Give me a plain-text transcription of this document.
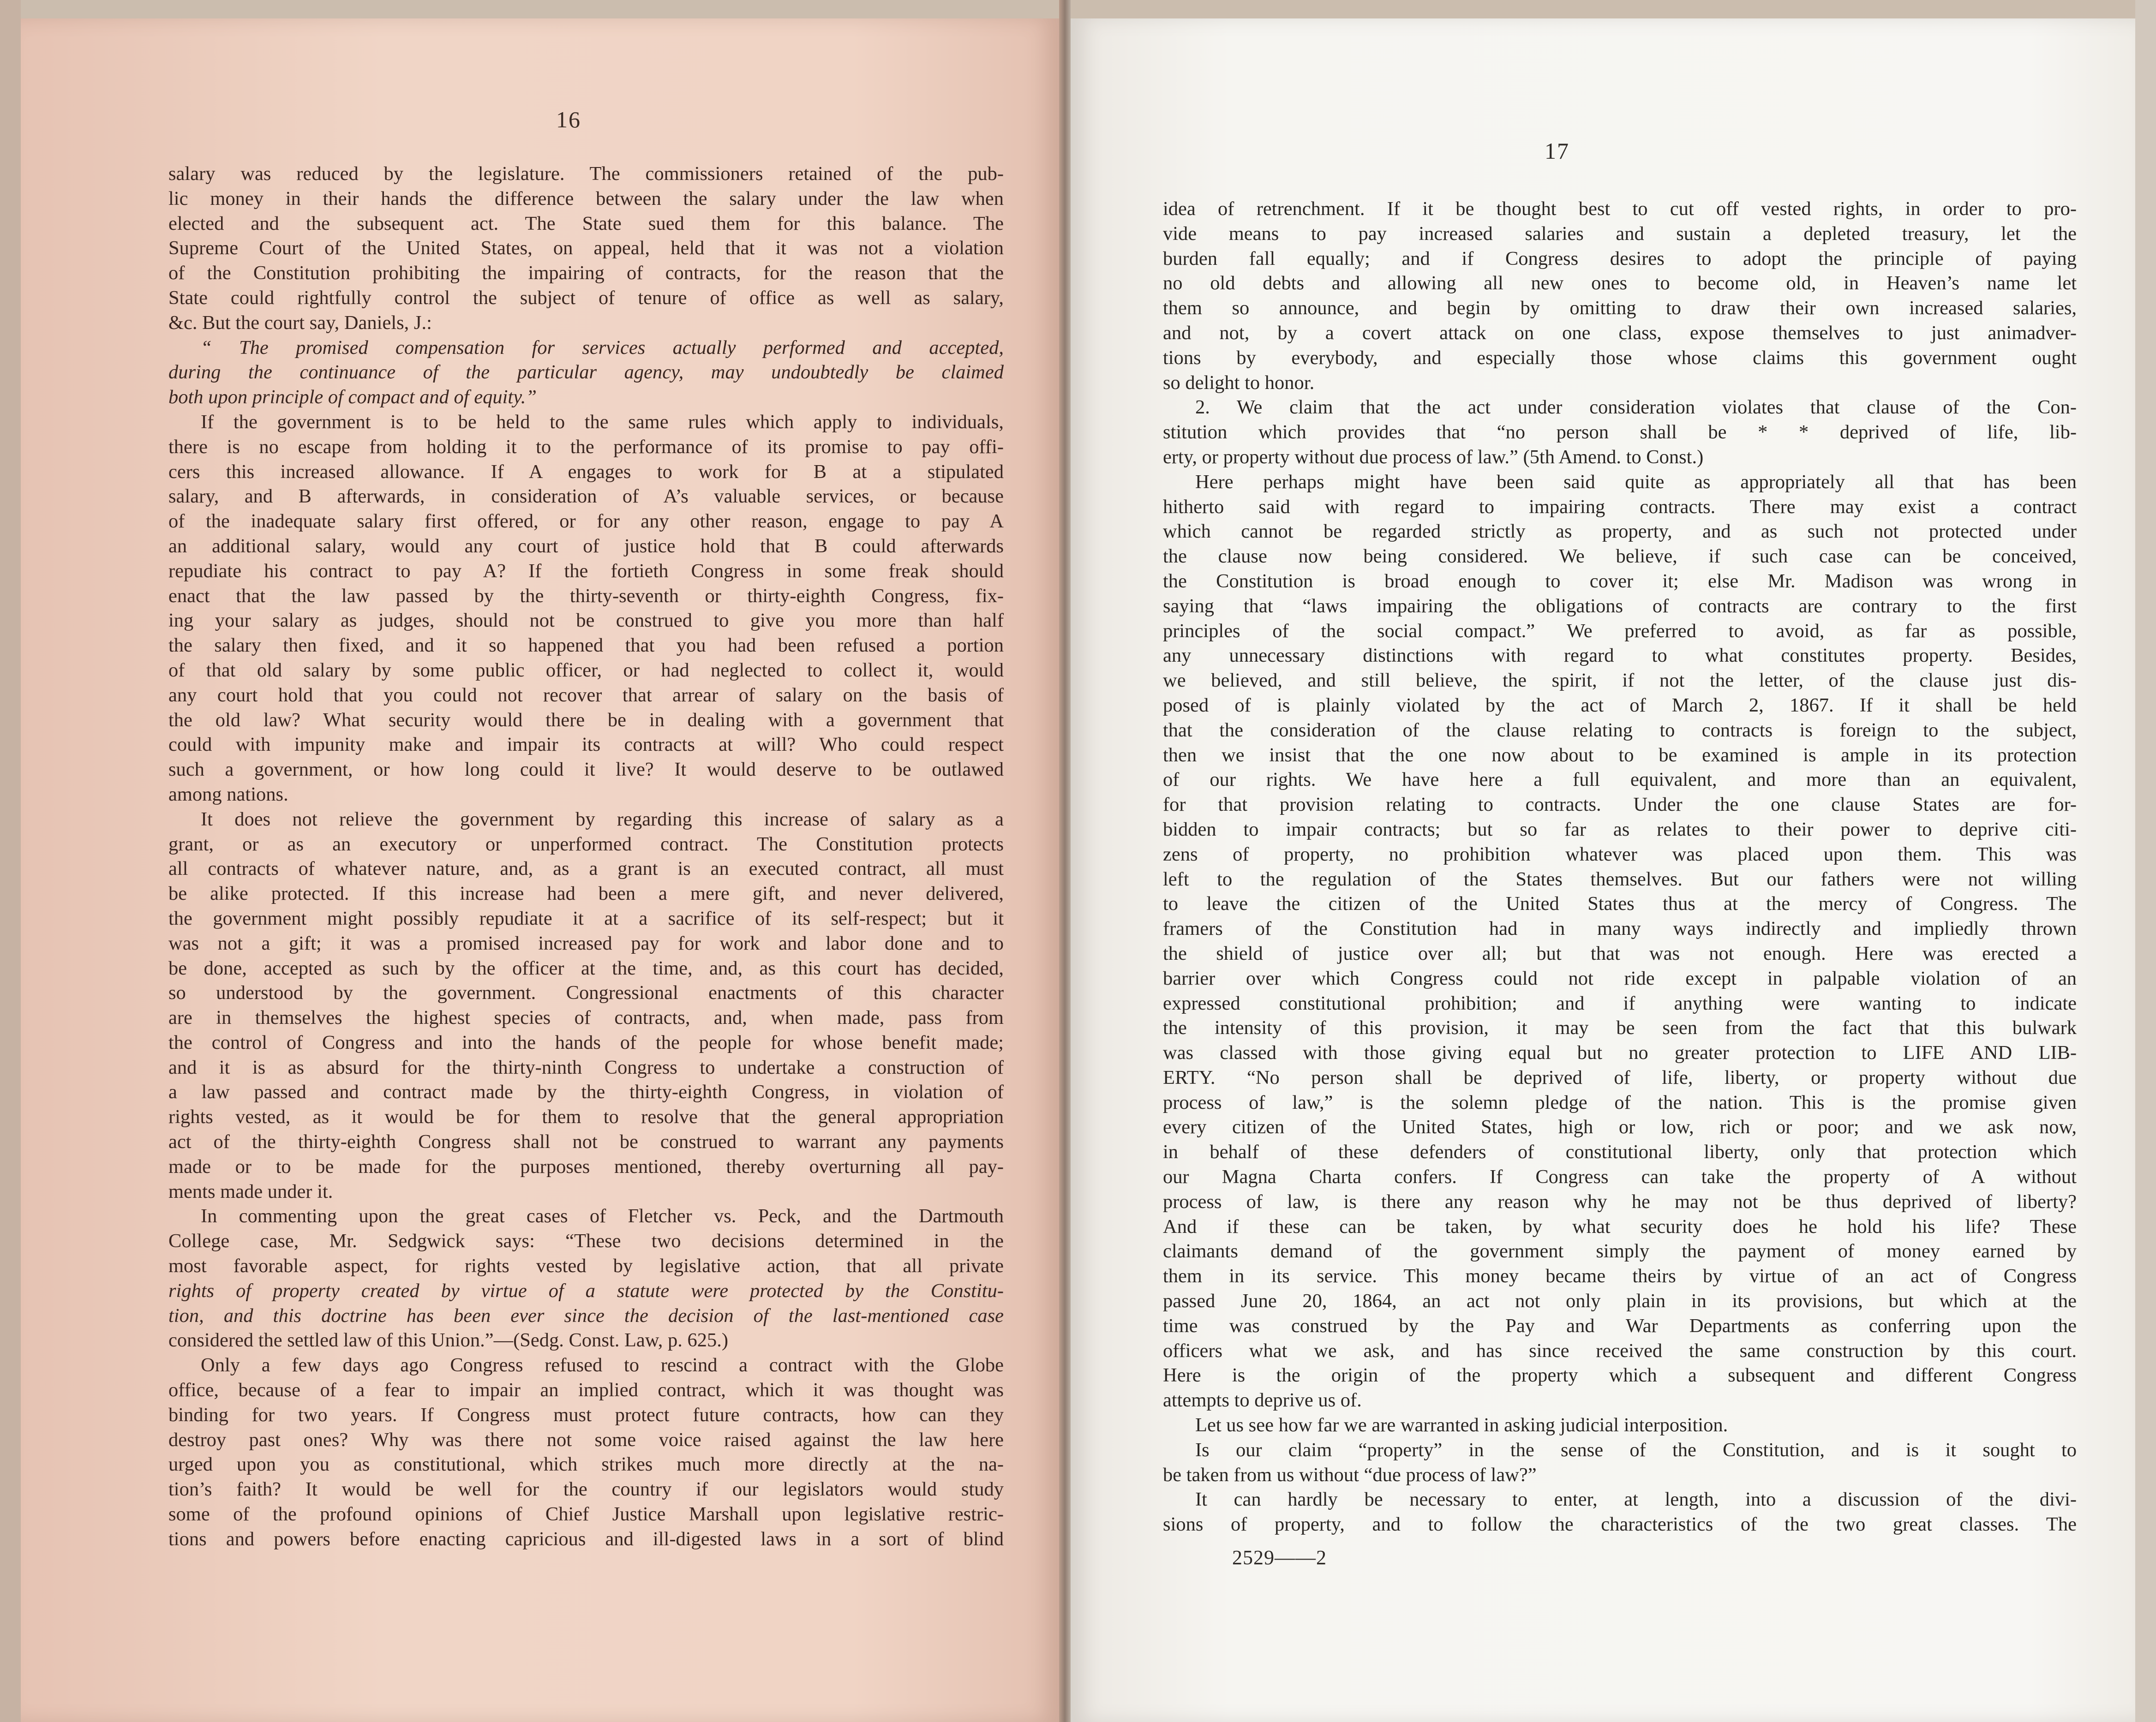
16
salary was reduced by the legislature. The commissioners retained of the pub-
lic money in their hands the difference between the salary under the law when
elected and the subsequent act. The State sued them for this balance. The
Supreme Court of the United States, on appeal, held that it was not a violation
of the Constitution prohibiting the impairing of contracts, for the reason that the
State could rightfully control the subject of tenure of office as well as salary,
&c. But the court say, Daniels, J.:
“ The promised compensation for services actually performed and accepted,
during the continuance of the particular agency, may undoubtedly be claimed
both upon principle of compact and of equity.”
If the government is to be held to the same rules which apply to individuals,
there is no escape from holding it to the performance of its promise to pay offi-
cers this increased allowance. If A engages to work for B at a stipulated
salary, and B afterwards, in consideration of A’s valuable services, or because
of the inadequate salary first offered, or for any other reason, engage to pay A
an additional salary, would any court of justice hold that B could afterwards
repudiate his contract to pay A? If the fortieth Congress in some freak should
enact that the law passed by the thirty-seventh or thirty-eighth Congress, fix-
ing your salary as judges, should not be construed to give you more than half
the salary then fixed, and it so happened that you had been refused a portion
of that old salary by some public officer, or had neglected to collect it, would
any court hold that you could not recover that arrear of salary on the basis of
the old law? What security would there be in dealing with a government that
could with impunity make and impair its contracts at will? Who could respect
such a government, or how long could it live? It would deserve to be outlawed
among nations.
It does not relieve the government by regarding this increase of salary as a
grant, or as an executory or unperformed contract. The Constitution protects
all contracts of whatever nature, and, as a grant is an executed contract, all must
be alike protected. If this increase had been a mere gift, and never delivered,
the government might possibly repudiate it at a sacrifice of its self-respect; but it
was not a gift; it was a promised increased pay for work and labor done and to
be done, accepted as such by the officer at the time, and, as this court has decided,
so understood by the government. Congressional enactments of this character
are in themselves the highest species of contracts, and, when made, pass from
the control of Congress and into the hands of the people for whose benefit made;
and it is as absurd for the thirty-ninth Congress to undertake a construction of
a law passed and contract made by the thirty-eighth Congress, in violation of
rights vested, as it would be for them to resolve that the general appropriation
act of the thirty-eighth Congress shall not be construed to warrant any payments
made or to be made for the purposes mentioned, thereby overturning all pay-
ments made under it.
In commenting upon the great cases of Fletcher vs. Peck, and the Dartmouth
College case, Mr. Sedgwick says: “These two decisions determined in the
most favorable aspect, for rights vested by legislative action, that all private
rights of property created by virtue of a statute were protected by the Constitu-
tion, and this doctrine has been ever since the decision of the last-mentioned case
considered the settled law of this Union.”—(Sedg. Const. Law, p. 625.)
Only a few days ago Congress refused to rescind a contract with the Globe
office, because of a fear to impair an implied contract, which it was thought was
binding for two years. If Congress must protect future contracts, how can they
destroy past ones? Why was there not some voice raised against the law here
urged upon you as constitutional, which strikes much more directly at the na-
tion’s faith? It would be well for the country if our legislators would study
some of the profound opinions of Chief Justice Marshall upon legislative restric-
tions and powers before enacting capricious and ill-digested laws in a sort of blind
17
idea of retrenchment. If it be thought best to cut off vested rights, in order to pro-
vide means to pay increased salaries and sustain a depleted treasury, let the
burden fall equally; and if Congress desires to adopt the principle of paying
no old debts and allowing all new ones to become old, in Heaven’s name let
them so announce, and begin by omitting to draw their own increased salaries,
and not, by a covert attack on one class, expose themselves to just animadver-
tions by everybody, and especially those whose claims this government ought
so delight to honor.
2. We claim that the act under consideration violates that clause of the Con-
stitution which provides that “no person shall be * * deprived of life, lib-
erty, or property without due process of law.” (5th Amend. to Const.)
Here perhaps might have been said quite as appropriately all that has been
hitherto said with regard to impairing contracts. There may exist a contract
which cannot be regarded strictly as property, and as such not protected under
the clause now being considered. We believe, if such case can be conceived,
the Constitution is broad enough to cover it; else Mr. Madison was wrong in
saying that “laws impairing the obligations of contracts are contrary to the first
principles of the social compact.” We preferred to avoid, as far as possible,
any unnecessary distinctions with regard to what constitutes property. Besides,
we believed, and still believe, the spirit, if not the letter, of the clause just dis-
posed of is plainly violated by the act of March 2, 1867. If it shall be held
that the consideration of the clause relating to contracts is foreign to the subject,
then we insist that the one now about to be examined is ample in its protection
of our rights. We have here a full equivalent, and more than an equivalent,
for that provision relating to contracts. Under the one clause States are for-
bidden to impair contracts; but so far as relates to their power to deprive citi-
zens of property, no prohibition whatever was placed upon them. This was
left to the regulation of the States themselves. But our fathers were not willing
to leave the citizen of the United States thus at the mercy of Congress. The
framers of the Constitution had in many ways indirectly and impliedly thrown
the shield of justice over all; but that was not enough. Here was erected a
barrier over which Congress could not ride except in palpable violation of an
expressed constitutional prohibition; and if anything were wanting to indicate
the intensity of this provision, it may be seen from the fact that this bulwark
was classed with those giving equal but no greater protection to LIFE AND LIB-
ERTY. “No person shall be deprived of life, liberty, or property without due
process of law,” is the solemn pledge of the nation. This is the promise given
every citizen of the United States, high or low, rich or poor; and we ask now,
in behalf of these defenders of constitutional liberty, only that protection which
our Magna Charta confers. If Congress can take the property of A without
process of law, is there any reason why he may not be thus deprived of liberty?
And if these can be taken, by what security does he hold his life? These
claimants demand of the government simply the payment of money earned by
them in its service. This money became theirs by virtue of an act of Congress
passed June 20, 1864, an act not only plain in its provisions, but which at the
time was construed by the Pay and War Departments as conferring upon the
officers what we ask, and has since received the same construction by this court.
Here is the origin of the property which a subsequent and different Congress
attempts to deprive us of.
Let us see how far we are warranted in asking judicial interposition.
Is our claim “property” in the sense of the Constitution, and is it sought to
be taken from us without “due process of law?”
It can hardly be necessary to enter, at length, into a discussion of the divi-
sions of property, and to follow the characteristics of the two great classes. The
2529——2
